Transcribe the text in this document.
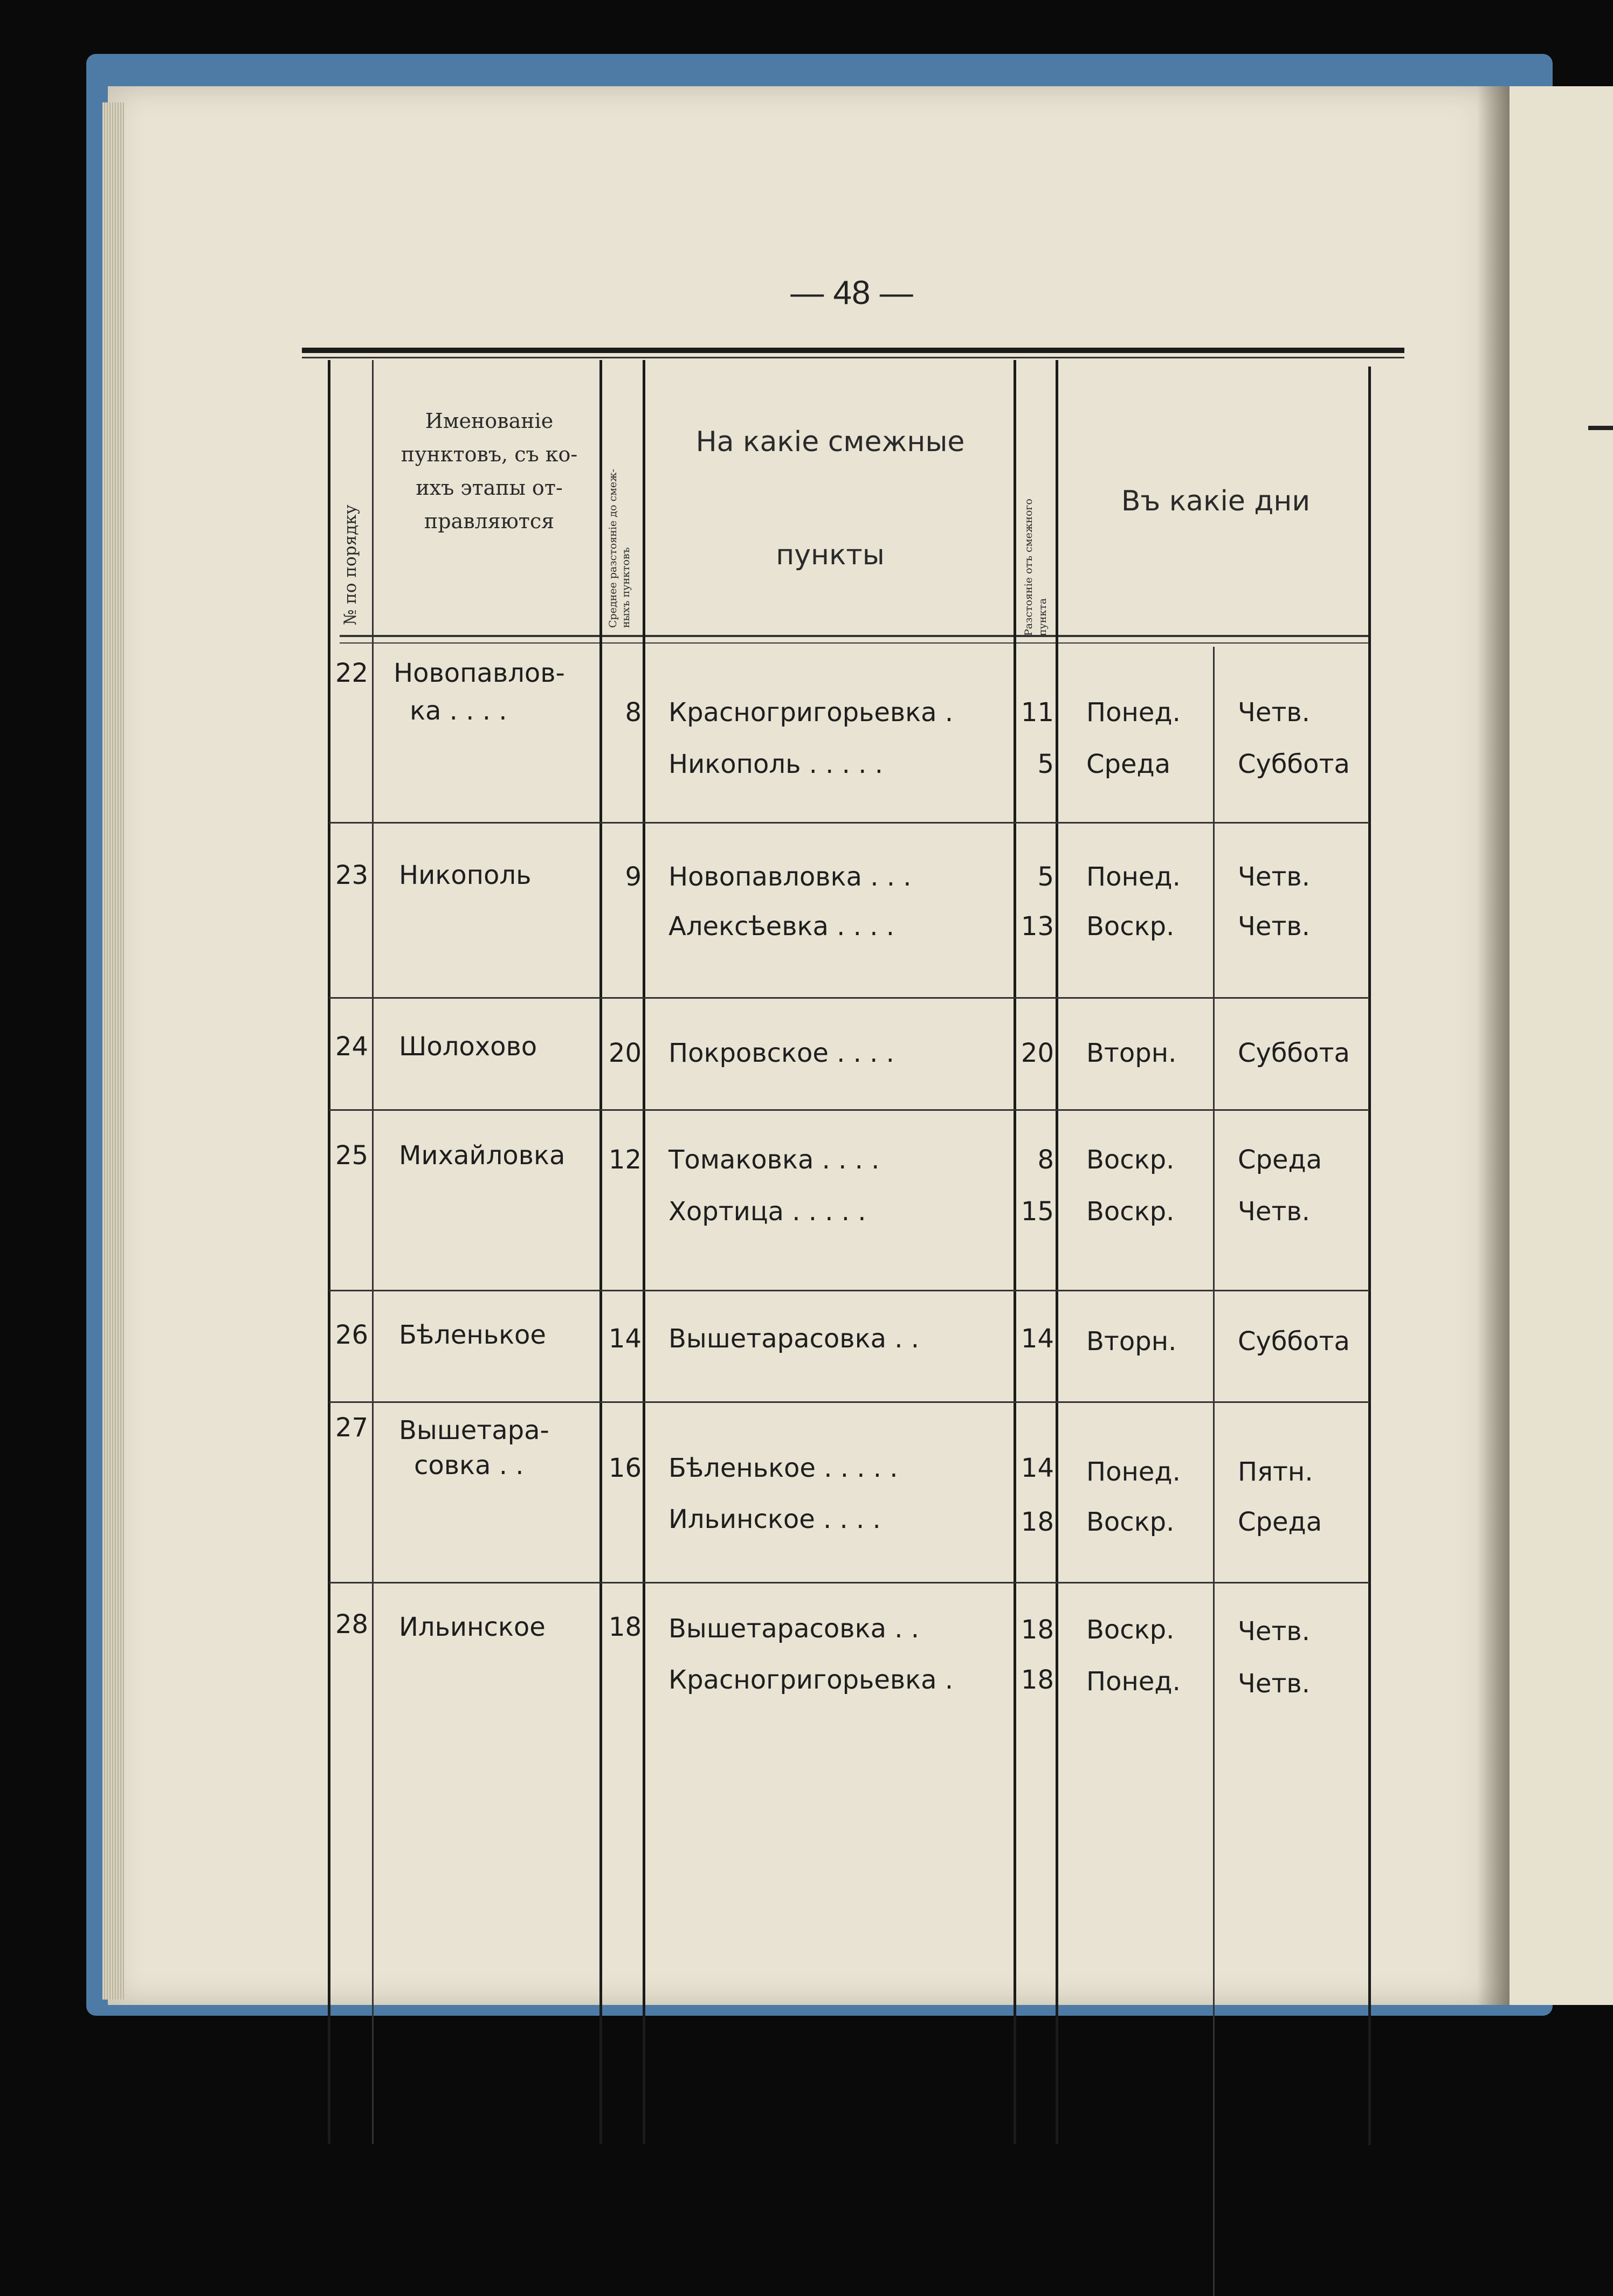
— 48 —
№ по порядку
Именованіе
пунктовъ, съ ко-
ихъ этапы от-
правляются	Среднее разстояніе до смеж- ныхъ пунктовъ
На какіе смежные
пункты	Разстояніе отъ смежного пункта
Въ какіе дни
22 Новопавлов-
ка . . . .	8 Красногригорьевка .	11 Понед. Четв.
Никополь . . . . .	5 Среда	Суббота
23 Никополь	9 Новопавловка . . .	5 Понед. Четв.
Алексѣевка . . . .	13 Воскр. Четв.
24 Шолохово	20 Покровское . . . .	20 Вторн. Суббота
25 Михайловка 12 Томаковка . . . .	8 Воскр. Среда
Хортица . . . . .	15 Воскр. Четв.
26 Бѣленькое 14 Вышетарасовка . .	14 Вторн. Суббота
27 Вышетара-
совка . .	16 Бѣленькое . . . . .	14 Понед. Пятн.
Ильинское . . . .	18 Воскр. Среда
28 Ильинское 18 Вышетарасовка . .	18 Воскр. Четв.
Красногригорьевка .	18 Понед. Четв.
